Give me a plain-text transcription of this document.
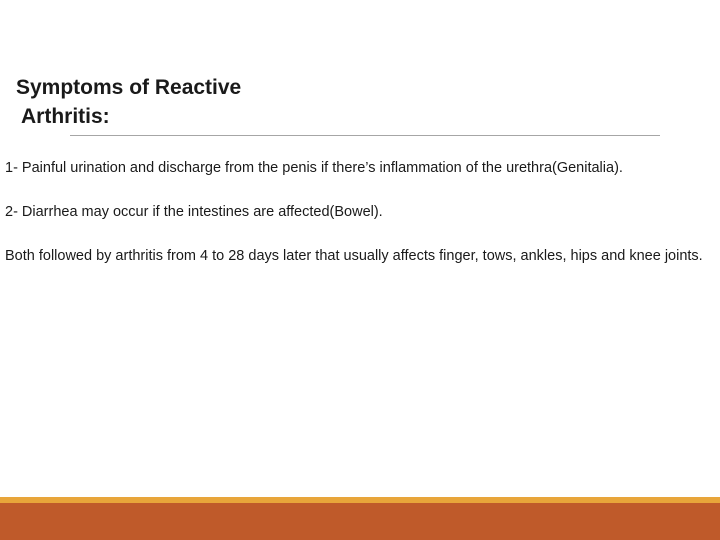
Symptoms of Reactive
Arthritis:

1- Painful urination and discharge from the penis if there’s inflammation of the urethra(Genitalia).

2- Diarrhea may occur if the intestines are affected(Bowel).

Both followed by arthritis from 4 to 28 days later that usually affects finger, tows, ankles, hips and knee joints.
